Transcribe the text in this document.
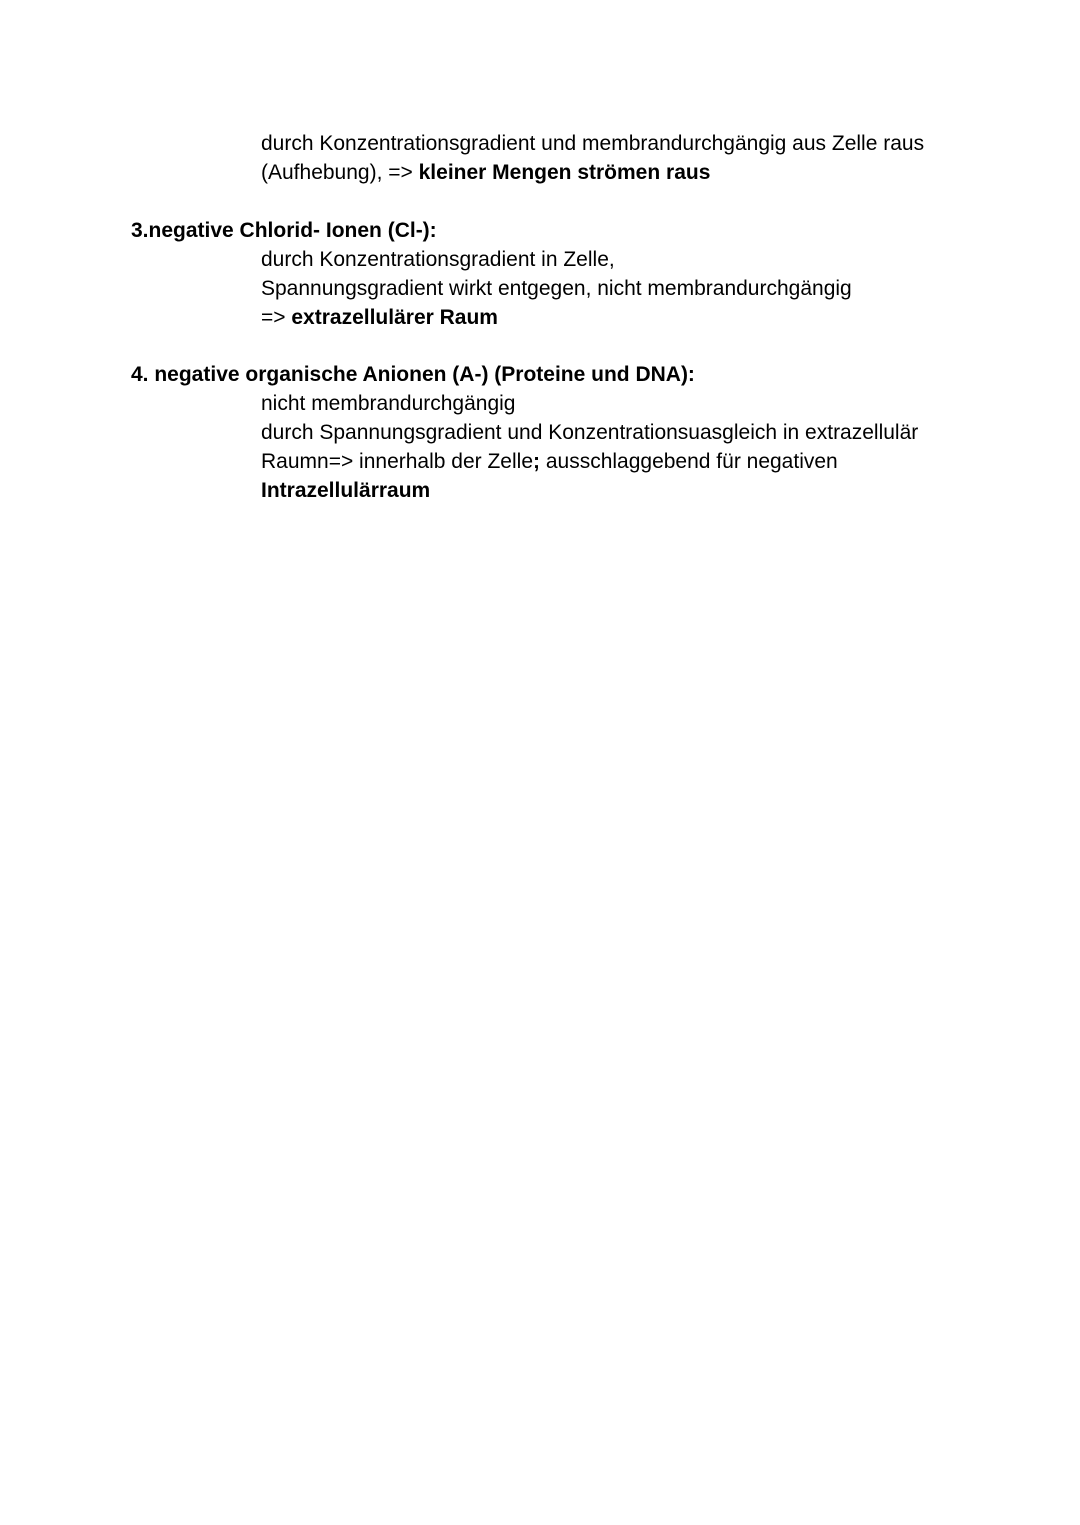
durch Konzentrationsgradient und membrandurchgängig aus Zelle raus
(Aufhebung), => kleiner Mengen strömen raus
3.negative Chlorid- Ionen (Cl-):
durch Konzentrationsgradient in Zelle,
Spannungsgradient wirkt entgegen, nicht membrandurchgängig
=> extrazellulärer Raum
4. negative organische Anionen (A-) (Proteine und DNA):
nicht membrandurchgängig
durch Spannungsgradient und Konzentrationsuasgleich in extrazellulär
Raumn=> innerhalb der Zelle; ausschlaggebend für negativen
Intrazellulärraum
